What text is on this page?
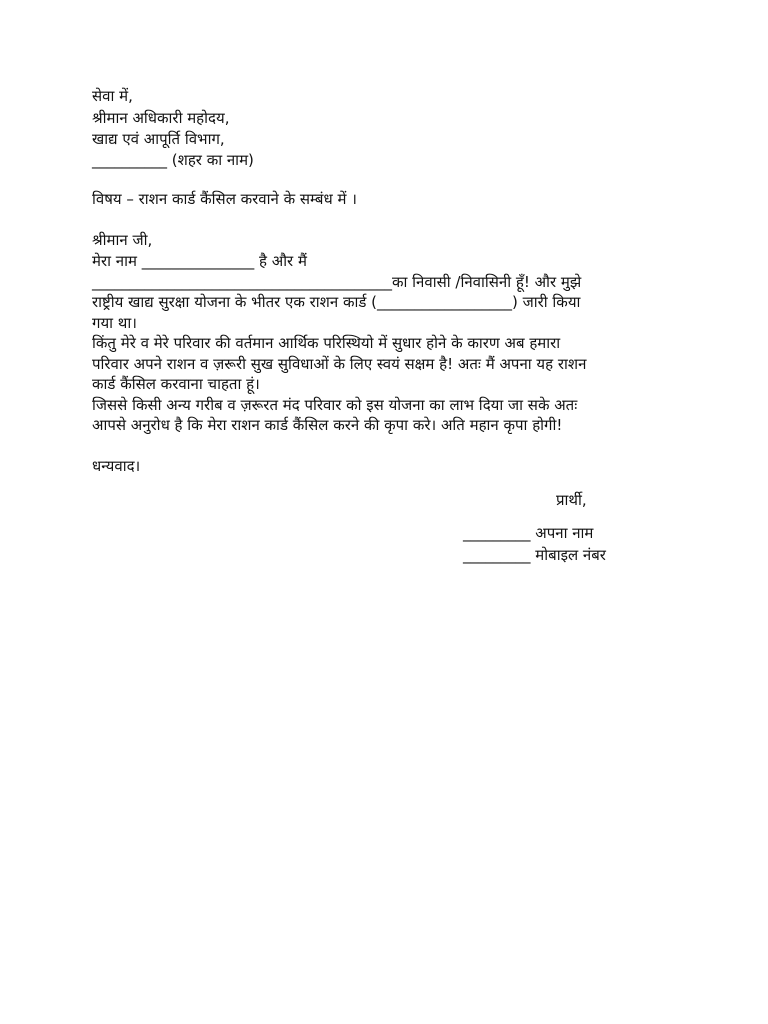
सेवा में,
श्रीमान अधिकारी महोदय,
खाद्य एवं आपूर्ति विभाग,
__________ (शहर का नाम)
विषय – राशन कार्ड कैंसिल करवाने के सम्बंध में ।
श्रीमान जी,
मेरा नाम _______________ है और मैं
________________________________________का निवासी /निवासिनी हूँ! और मुझे
राष्ट्रीय खाद्य सुरक्षा योजना के भीतर एक राशन कार्ड (__________________) जारी किया
गया था।
किंतु मेरे व मेरे परिवार की वर्तमान आर्थिक परिस्थियो में सुधार होने के कारण अब हमारा
परिवार अपने राशन व ज़रूरी सुख सुविधाओं के लिए स्वयं सक्षम है! अतः मैं अपना यह राशन
कार्ड कैंसिल करवाना चाहता हूं।
जिससे किसी अन्य गरीब व ज़रूरत मंद परिवार को इस योजना का लाभ दिया जा सके अतः
आपसे अनुरोध है कि मेरा राशन कार्ड कैंसिल करने की कृपा करे। अति महान कृपा होगी!
धन्यवाद।
प्रार्थी,
_________ अपना नाम
_________ मोबाइल नंबर
